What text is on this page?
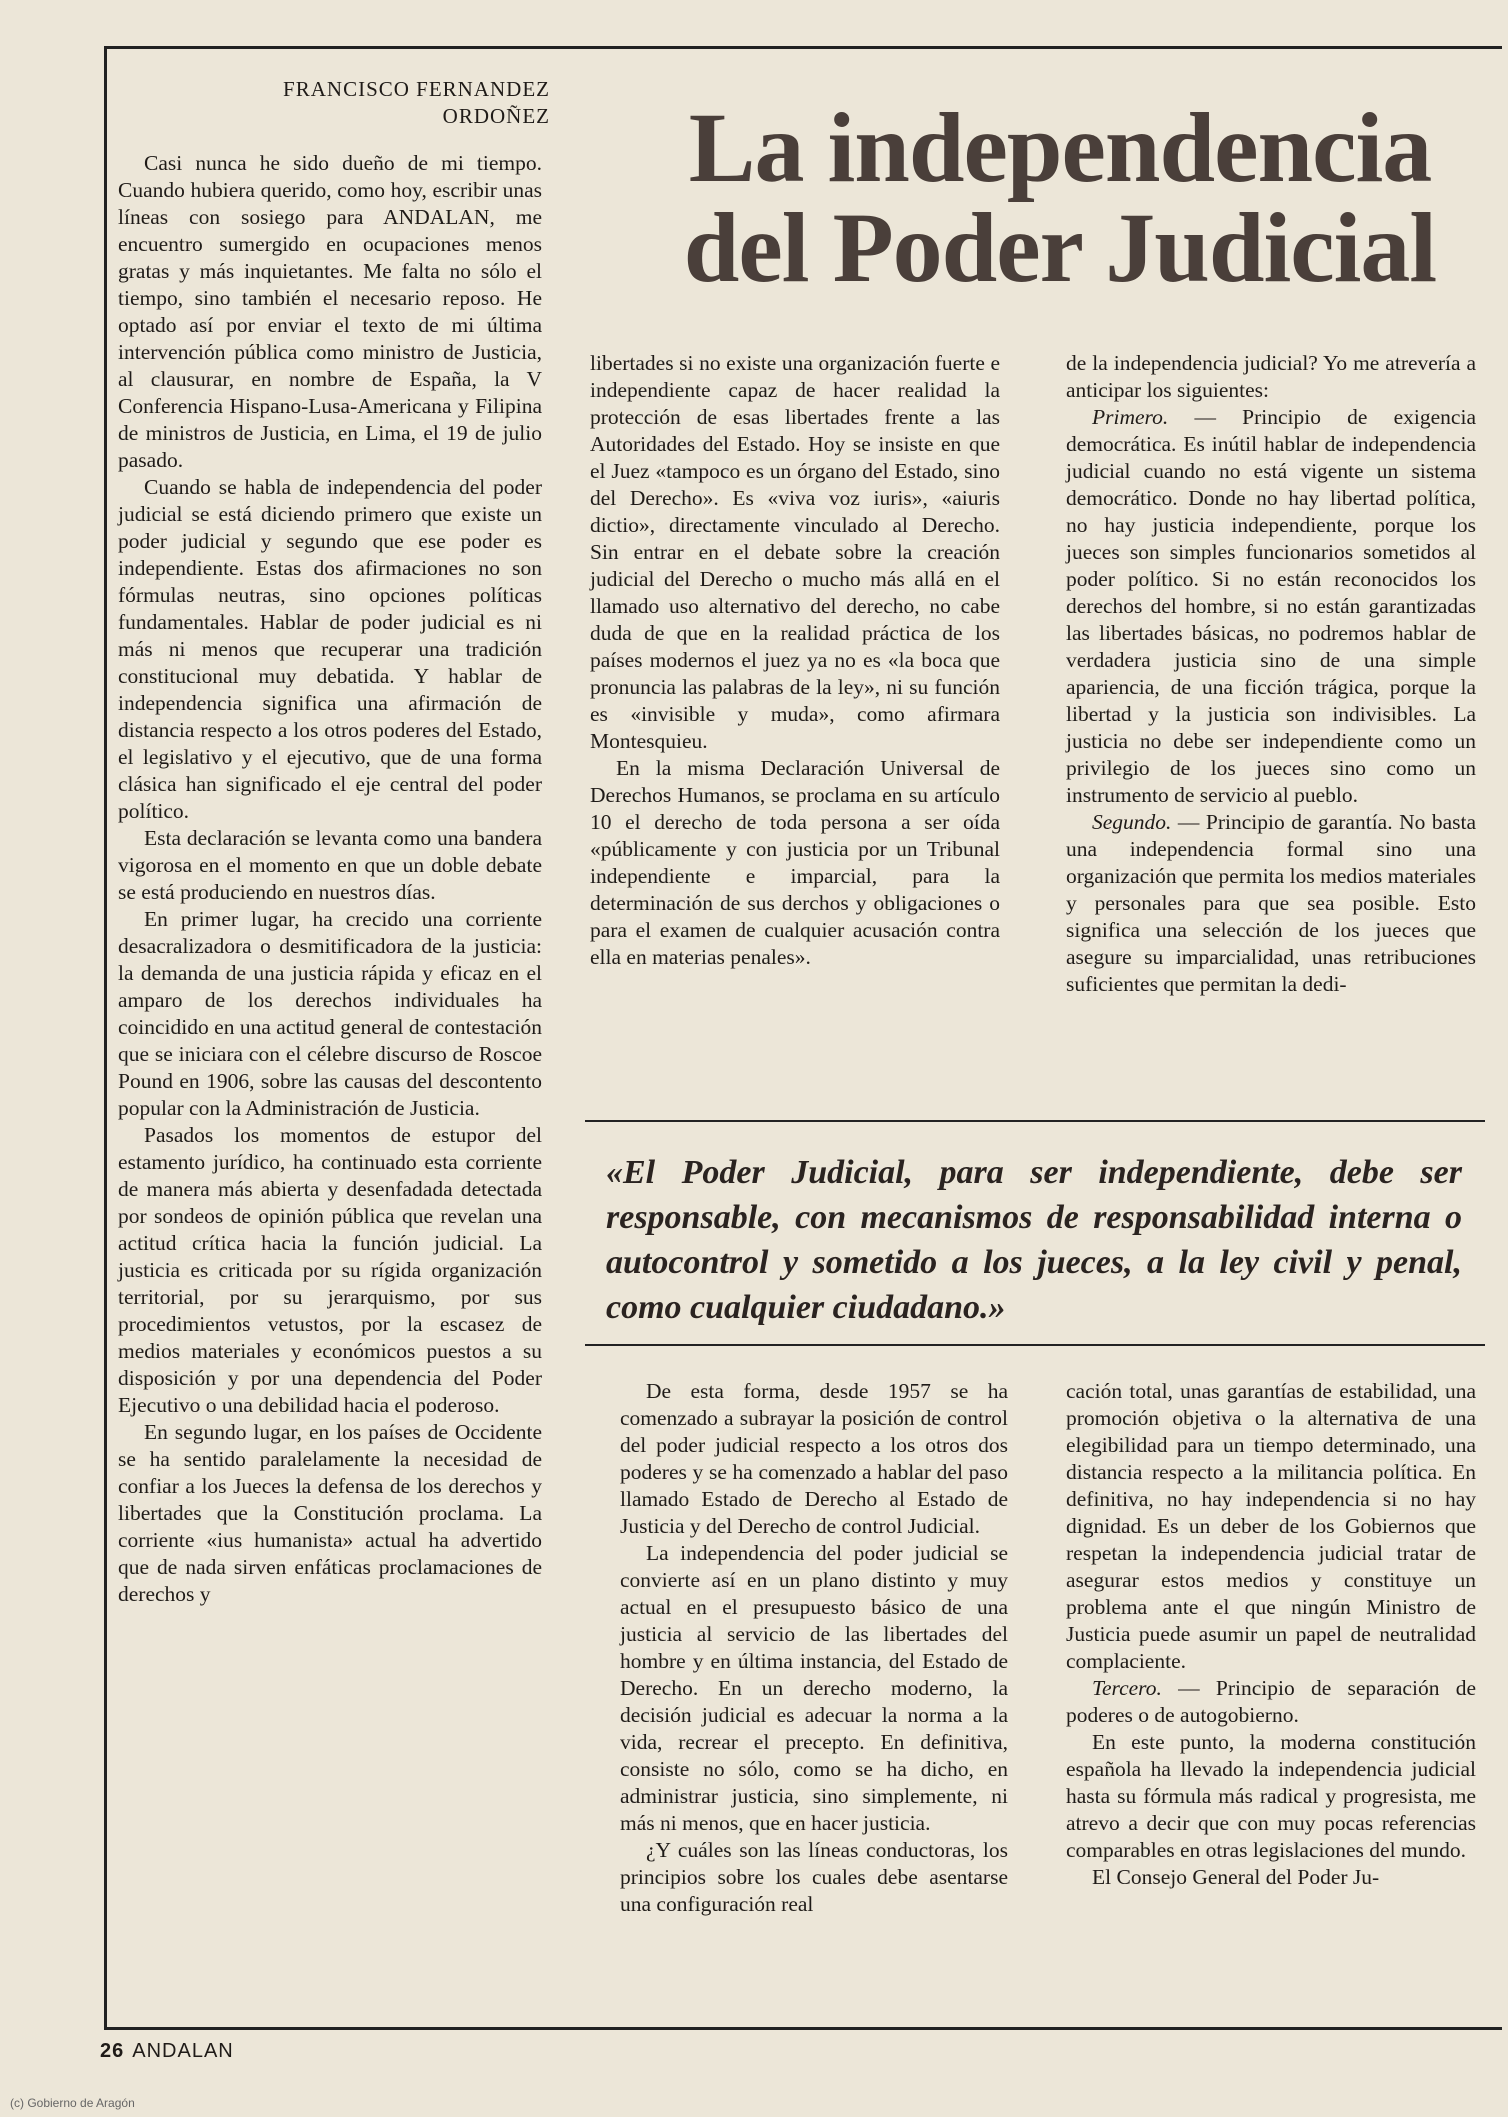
FRANCISCO FERNANDEZ
ORDOÑEZ La independencia
del Poder Judicial

Casi nunca he sido dueño de mi tiempo. Cuando hubiera querido, como hoy, escribir unas líneas con sosiego para ANDALAN, me encuentro sumergido en ocupaciones menos gratas y más inquietantes. Me falta no sólo el tiempo, sino también el necesario reposo. He optado así por enviar el texto de mi última intervención pública como ministro de Justicia, al clausurar, en nombre de España, la V Conferencia Hispano-Lusa-Americana y Filipina de ministros de Justicia, en Lima, el 19 de julio pasado.

Cuando se habla de independencia del poder judicial se está diciendo primero que existe un poder judicial y segundo que ese poder es independiente. Estas dos afirmaciones no son fórmulas neutras, sino opciones políticas fundamentales. Hablar de poder judicial es ni más ni menos que recuperar una tradición constitucional muy debatida. Y hablar de independencia significa una afirmación de distancia respecto a los otros poderes del Estado, el legislativo y el ejecutivo, que de una forma clásica han significado el eje central del poder político.

Esta declaración se levanta como una bandera vigorosa en el momento en que un doble debate se está produciendo en nuestros días.

En primer lugar, ha crecido una corriente desacralizadora o desmitificadora de la justicia: la demanda de una justicia rápida y eficaz en el amparo de los derechos individuales ha coincidido en una actitud general de contestación que se iniciara con el célebre discurso de Roscoe Pound en 1906, sobre las causas del descontento popular con la Administración de Justicia.

Pasados los momentos de estupor del estamento jurídico, ha continuado esta corriente de manera más abierta y desenfadada detectada por sondeos de opinión pública que revelan una actitud crítica hacia la función judicial. La justicia es criticada por su rígida organización territorial, por su jerarquismo, por sus procedimientos vetustos, por la escasez de medios materiales y económicos puestos a su disposición y por una dependencia del Poder Ejecutivo o una debilidad hacia el poderoso.

En segundo lugar, en los países de Occidente se ha sentido paralelamente la necesidad de confiar a los Jueces la defensa de los derechos y libertades que la Constitución proclama. La corriente «ius humanista» actual ha advertido que de nada sirven enfáticas proclamaciones de derechos y

libertades si no existe una organización fuerte e independiente capaz de hacer realidad la protección de esas libertades frente a las Autoridades del Estado. Hoy se insiste en que el Juez «tampoco es un órgano del Estado, sino del Derecho». Es «viva voz iuris», «aiuris dictio», directamente vinculado al Derecho. Sin entrar en el debate sobre la creación judicial del Derecho o mucho más allá en el llamado uso alternativo del derecho, no cabe duda de que en la realidad práctica de los países modernos el juez ya no es «la boca que pronuncia las palabras de la ley», ni su función es «invisible y muda», como afirmara Montesquieu.

En la misma Declaración Universal de Derechos Humanos, se proclama en su artículo 10 el derecho de toda persona a ser oída «públicamente y con justicia por un Tribunal independiente e imparcial, para la determinación de sus derchos y obligaciones o para el examen de cualquier acusación contra ella en materias penales».

de la independencia judicial? Yo me atrevería a anticipar los siguientes:

Primero. — Principio de exigencia democrática. Es inútil hablar de independencia judicial cuando no está vigente un sistema democrático. Donde no hay libertad política, no hay justicia independiente, porque los jueces son simples funcionarios sometidos al poder político. Si no están reconocidos los derechos del hombre, si no están garantizadas las libertades básicas, no podremos hablar de verdadera justicia sino de una simple apariencia, de una ficción trágica, porque la libertad y la justicia son indivisibles. La justicia no debe ser independiente como un privilegio de los jueces sino como un instrumento de servicio al pueblo.

Segundo. — Principio de garantía. No basta una independencia formal sino una organización que permita los medios materiales y personales para que sea posible. Esto significa una selección de los jueces que asegure su imparcialidad, unas retribuciones suficientes que permitan la dedi-

«El Poder Judicial, para ser independiente, debe ser responsable, con mecanismos de responsabilidad interna o autocontrol y sometido a los jueces, a la ley civil y penal, como cualquier ciudadano.»

De esta forma, desde 1957 se ha comenzado a subrayar la posición de control del poder judicial respecto a los otros dos poderes y se ha comenzado a hablar del paso llamado Estado de Derecho al Estado de Justicia y del Derecho de control Judicial.

La independencia del poder judicial se convierte así en un plano distinto y muy actual en el presupuesto básico de una justicia al servicio de las libertades del hombre y en última instancia, del Estado de Derecho. En un derecho moderno, la decisión judicial es adecuar la norma a la vida, recrear el precepto. En definitiva, consiste no sólo, como se ha dicho, en administrar justicia, sino simplemente, ni más ni menos, que en hacer justicia.

¿Y cuáles son las líneas conductoras, los principios sobre los cuales debe asentarse una configuración real

cación total, unas garantías de estabilidad, una promoción objetiva o la alternativa de una elegibilidad para un tiempo determinado, una distancia respecto a la militancia política. En definitiva, no hay independencia si no hay dignidad. Es un deber de los Gobiernos que respetan la independencia judicial tratar de asegurar estos medios y constituye un problema ante el que ningún Ministro de Justicia puede asumir un papel de neutralidad complaciente.

Tercero. — Principio de separación de poderes o de autogobierno.

En este punto, la moderna constitución española ha llevado la independencia judicial hasta su fórmula más radical y progresista, me atrevo a decir que con muy pocas referencias comparables en otras legislaciones del mundo.

El Consejo General del Poder Ju-

26 ANDALAN
(c) Gobierno de Aragón
